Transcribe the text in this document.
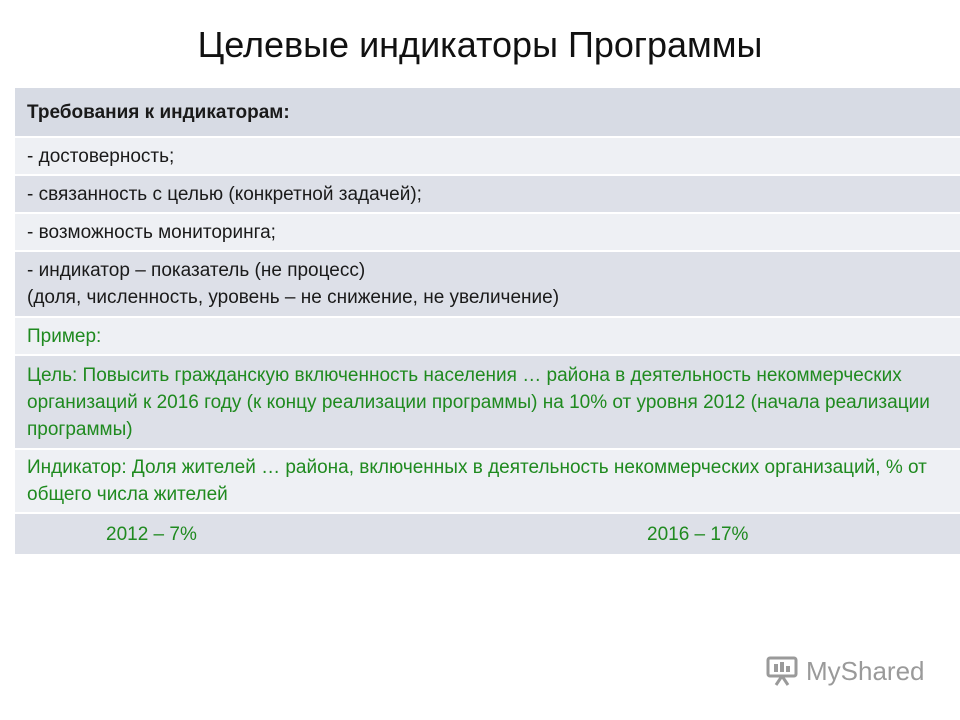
Целевые индикаторы Программы
Требования к индикаторам:
- достоверность;
- связанность с целью (конкретной задачей);
- возможность мониторинга;
- индикатор – показатель (не процесс)
(доля, численность, уровень – не снижение, не увеличение)
Пример:
Цель: Повысить гражданскую включенность населения … района в деятельность некоммерческих организаций к 2016 году (к концу реализации программы) на 10% от уровня 2012 (начала реализации программы)
Индикатор: Доля жителей … района, включенных в деятельность некоммерческих организаций, % от общего числа жителей
2012 – 7%	2016 – 17%
MyShared
